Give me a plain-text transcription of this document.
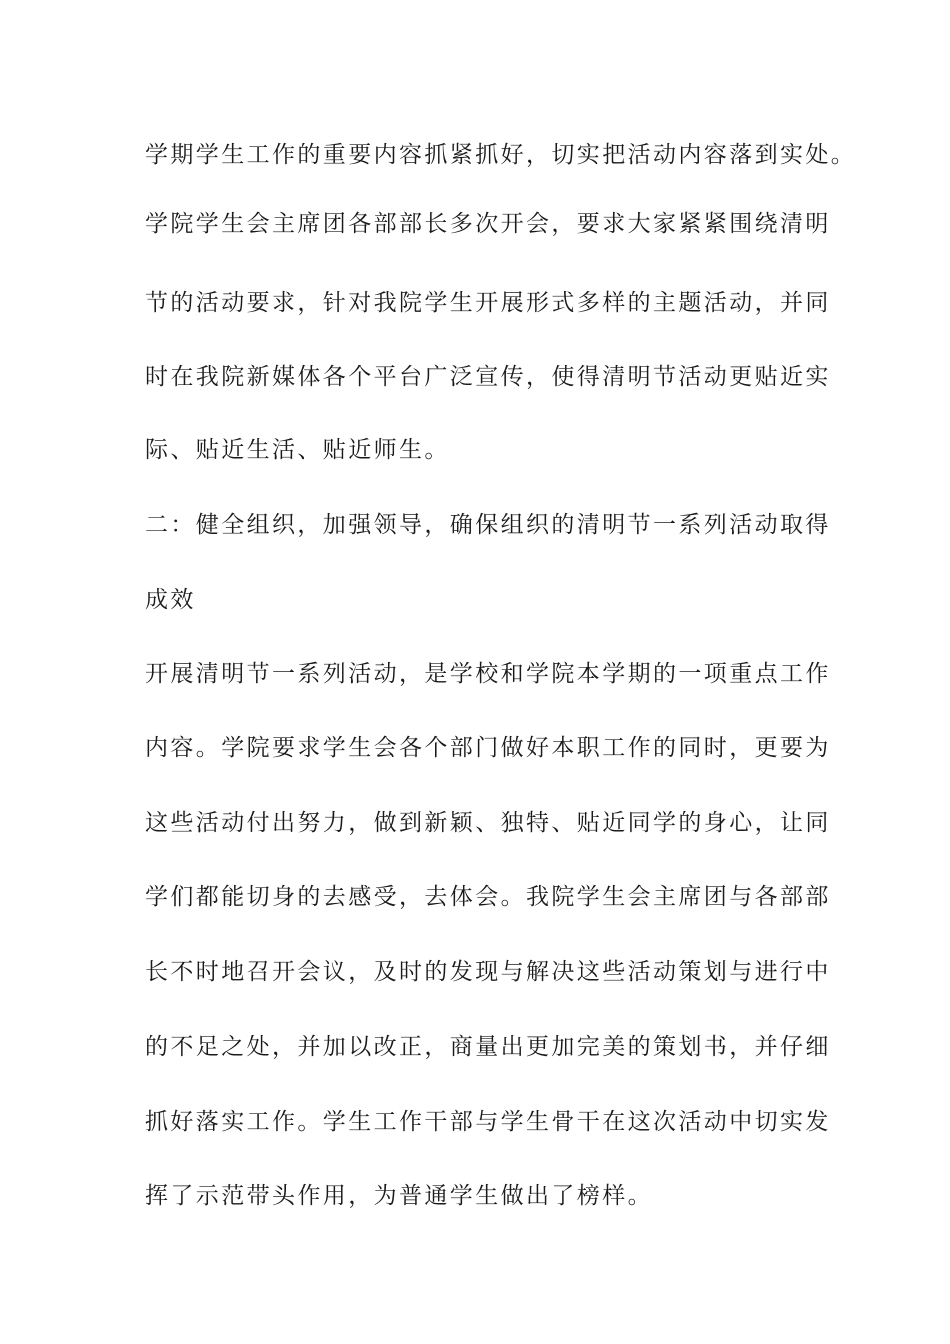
学期学生工作的重要内容抓紧抓好，切实把活动内容落到实处。
学院学生会主席团各部部长多次开会，要求大家紧紧围绕清明
节的活动要求，针对我院学生开展形式多样的主题活动，并同
时在我院新媒体各个平台广泛宣传，使得清明节活动更贴近实
际、贴近生活、贴近师生。
二：健全组织，加强领导，确保组织的清明节一系列活动取得
成效
开展清明节一系列活动，是学校和学院本学期的一项重点工作
内容。学院要求学生会各个部门做好本职工作的同时，更要为
这些活动付出努力，做到新颖、独特、贴近同学的身心，让同
学们都能切身的去感受，去体会。我院学生会主席团与各部部
长不时地召开会议，及时的发现与解决这些活动策划与进行中
的不足之处，并加以改正，商量出更加完美的策划书，并仔细
抓好落实工作。学生工作干部与学生骨干在这次活动中切实发
挥了示范带头作用，为普通学生做出了榜样。
